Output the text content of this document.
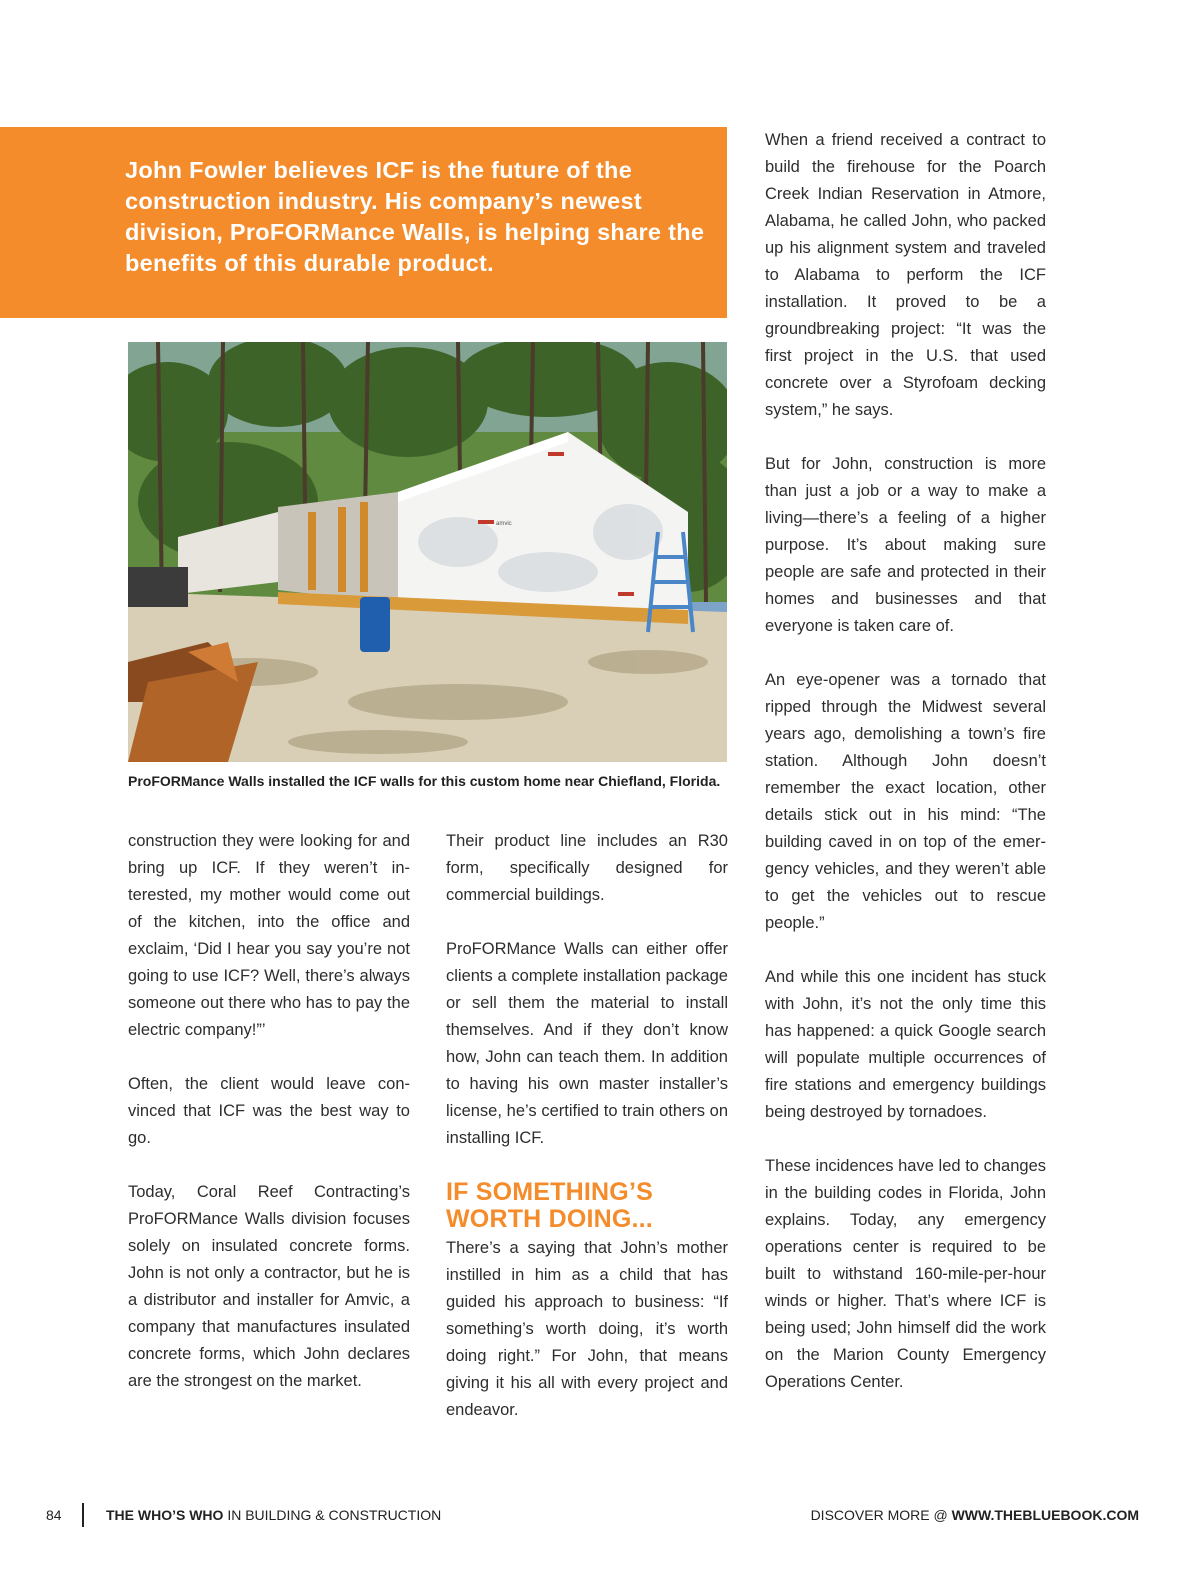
John Fowler believes ICF is the future of the construction industry. His company’s newest division, ProFORMance Walls, is helping share the benefits of this durable product.

amvic

ProFORMance Walls installed the ICF walls for this custom home near Chiefland, Florida.

construction they were looking for and bring up ICF. If they weren’t interested, my mother would come out of the kitchen, into the office and exclaim, ‘Did I hear you say you’re not going to use ICF? Well, there’s always someone out there who has to pay the electric company!”’

Often, the client would leave convinced that ICF was the best way to go.

Today, Coral Reef Contracting’s ProFORMance Walls division focuses solely on insulated concrete forms. John is not only a contractor, but he is a distributor and installer for Amvic, a company that manufactures insulated concrete forms, which John declares are the strongest on the market.

Their product line includes an R30 form, specifically designed for commercial buildings.

ProFORMance Walls can either offer clients a complete installation package or sell them the material to install themselves. And if they don’t know how, John can teach them. In addition to having his own master installer’s license, he’s certified to train others on installing ICF.

IF SOMETHING’S
WORTH DOING...

There’s a saying that John’s mother instilled in him as a child that has guided his approach to business: “If something’s worth doing, it’s worth doing right.” For John, that means giving it his all with every project and endeavor.

When a friend received a contract to build the firehouse for the Poarch Creek Indian Reservation in Atmore, Alabama, he called John, who packed up his alignment system and traveled to Alabama to perform the ICF installation. It proved to be a groundbreaking project: “It was the first project in the U.S. that used concrete over a Styrofoam decking system,” he says.

But for John, construction is more than just a job or a way to make a living—there’s a feeling of a higher purpose. It’s about making sure people are safe and protected in their homes and businesses and that everyone is taken care of.

An eye-opener was a tornado that ripped through the Midwest several years ago, demolishing a town’s fire station. Although John doesn’t remember the exact location, other details stick out in his mind: “The building caved in on top of the emergency vehicles, and they weren’t able to get the vehicles out to rescue people.”

And while this one incident has stuck with John, it’s not the only time this has happened: a quick Google search will populate multiple occurrences of fire stations and emergency buildings being destroyed by tornadoes.

These incidences have led to changes in the building codes in Florida, John explains. Today, any emergency operations center is required to be built to withstand 160-mile-per-hour winds or higher. That’s where ICF is being used; John himself did the work on the Marion County Emergency Operations Center.

84	THE WHO’S WHO IN BUILDING & CONSTRUCTION	DISCOVER MORE @ WWW.THEBLUEBOOK.COM
